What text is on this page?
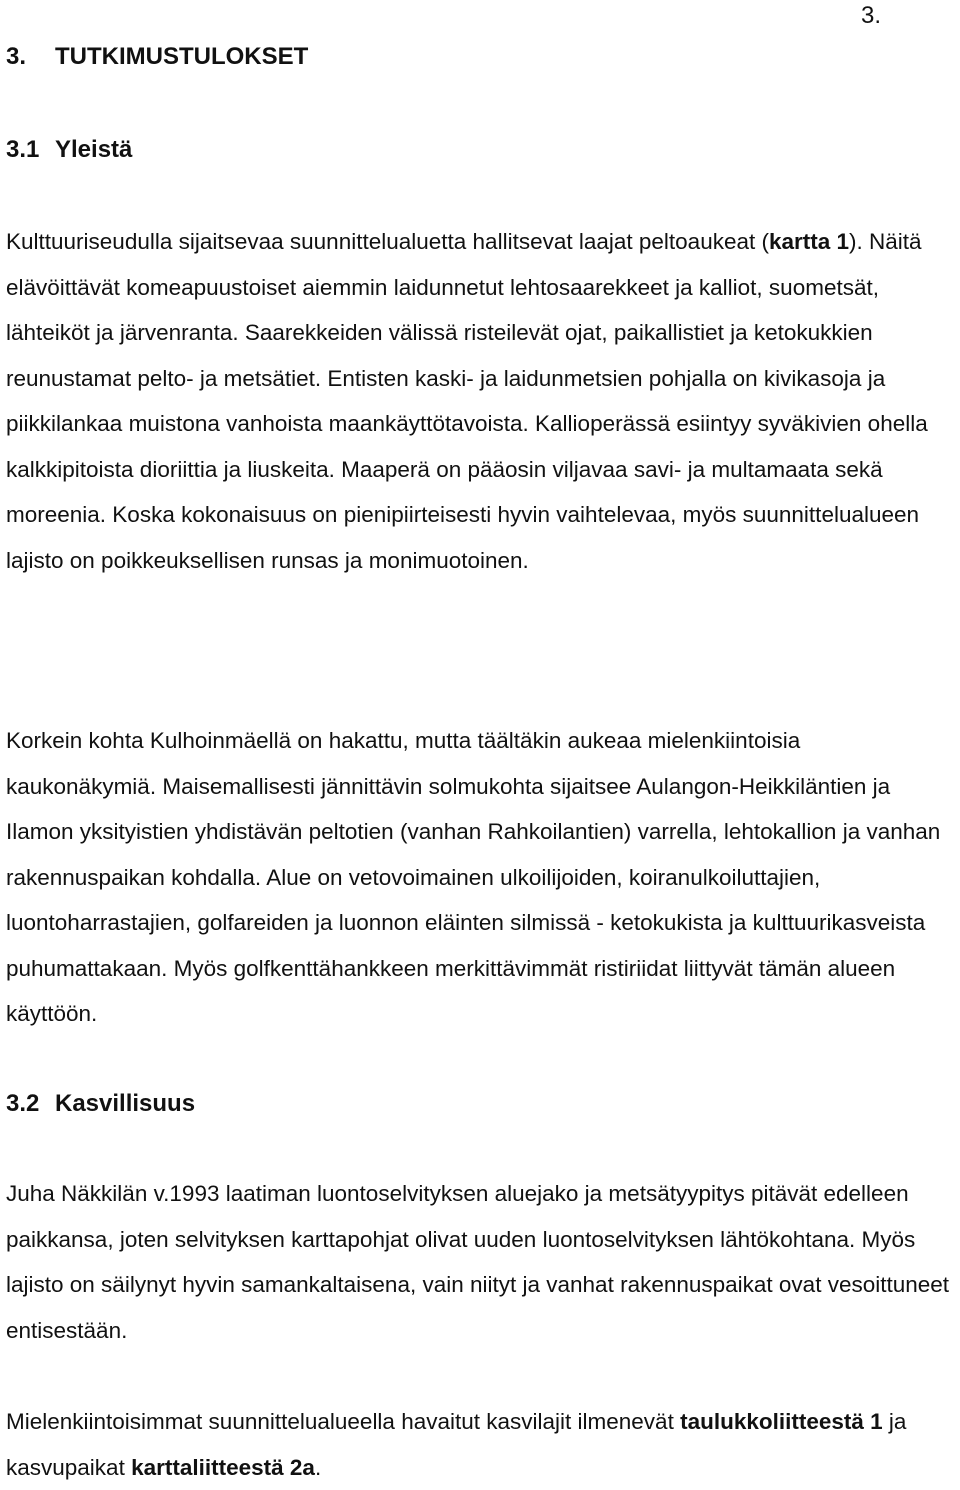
3.
3. TUTKIMUSTULOKSET
3.1 Yleistä

Kulttuuriseudulla sijaitsevaa suunnittelualuetta hallitsevat laajat peltoaukeat (kartta 1). Näitä elävöittävät komeapuustoiset aiemmin laidunnetut lehtosaarekkeet ja kalliot, suometsät, lähteiköt ja järvenranta. Saarekkeiden välissä risteilevät ojat, paikallistiet ja ketokukkien reunustamat pelto- ja metsätiet. Entisten kaski- ja laidunmetsien pohjalla on kivikasoja ja piikkilankaa muistona vanhoista maankäyttötavoista. Kallioperässä esiintyy syväkivien ohella kalkkipitoista dioriittia ja liuskeita. Maaperä on pääosin viljavaa savi- ja multamaata sekä moreenia. Koska kokonaisuus on pienipiirteisesti hyvin vaihtelevaa, myös suunnittelualueen lajisto on poikkeuksellisen runsas ja monimuotoinen.

Korkein kohta Kulhoinmäellä on hakattu, mutta täältäkin aukeaa mielenkiintoisia kaukonäkymiä. Maisemallisesti jännittävin solmukohta sijaitsee Aulangon-Heikkiläntien ja Ilamon yksityistien yhdistävän peltotien (vanhan Rahkoilantien) varrella, lehtokallion ja vanhan rakennuspaikan kohdalla. Alue on vetovoimainen ulkoilijoiden, koiranulkoiluttajien, luontoharrastajien, golfareiden ja luonnon eläinten silmissä - ketokukista ja kulttuurikasveista puhumattakaan. Myös golfkenttähankkeen merkittävimmät ristiriidat liittyvät tämän alueen käyttöön.

3.2 Kasvillisuus

Juha Näkkilän v.1993 laatiman luontoselvityksen aluejako ja metsätyypitys pitävät edelleen paikkansa, joten selvityksen karttapohjat olivat uuden luontoselvityksen lähtökohtana. Myös lajisto on säilynyt hyvin samankaltaisena, vain niityt ja vanhat rakennuspaikat ovat vesoittuneet entisestään.

Mielenkiintoisimmat suunnittelualueella havaitut kasvilajit ilmenevät taulukkoliitteestä 1 ja kasvupaikat karttaliitteestä 2a.
